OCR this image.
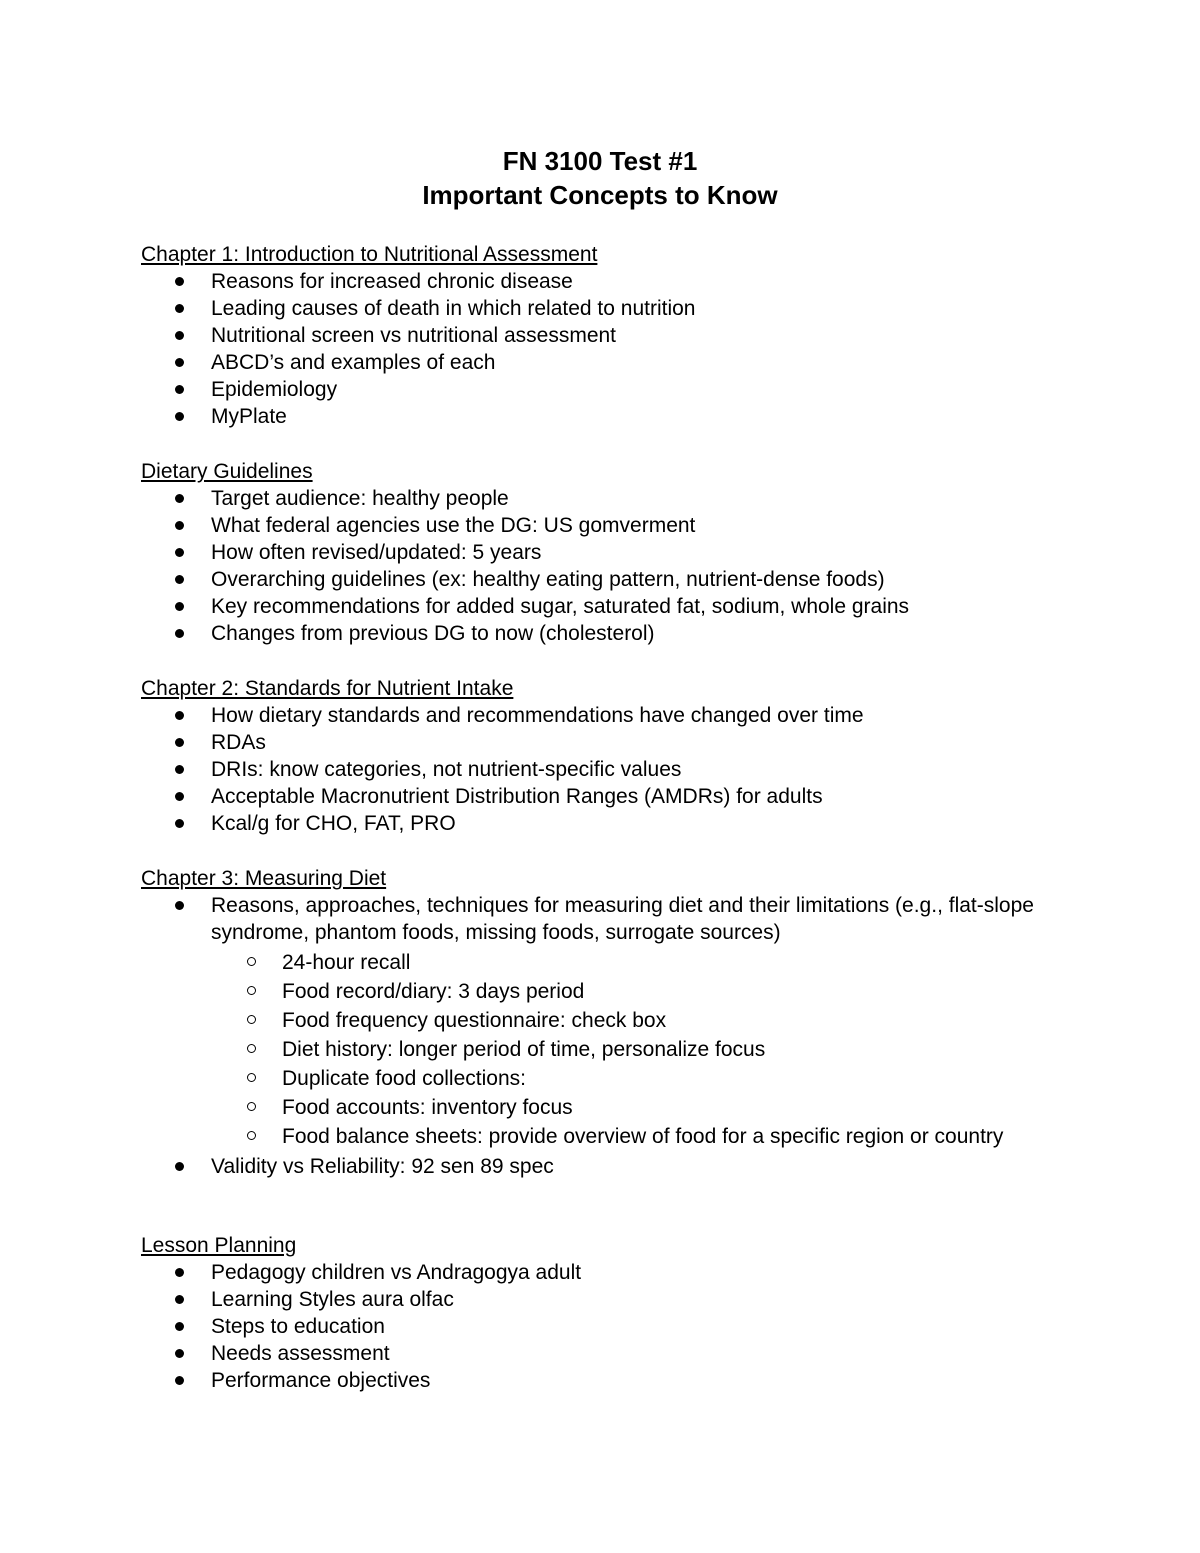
FN 3100 Test #1
Important Concepts to Know

Chapter 1: Introduction to Nutritional Assessment

Reasons for increased chronic disease
Leading causes of death in which related to nutrition
Nutritional screen vs nutritional assessment
ABCD’s and examples of each
Epidemiology
MyPlate

Dietary Guidelines

Target audience: healthy people
What federal agencies use the DG: US gomverment
How often revised/updated: 5 years
Overarching guidelines (ex: healthy eating pattern, nutrient-dense foods)
Key recommendations for added sugar, saturated fat, sodium, whole grains
Changes from previous DG to now (cholesterol)

Chapter 2: Standards for Nutrient Intake

How dietary standards and recommendations have changed over time
RDAs
DRIs: know categories, not nutrient-specific values
Acceptable Macronutrient Distribution Ranges (AMDRs) for adults
Kcal/g for CHO, FAT, PRO

Chapter 3: Measuring Diet

Reasons, approaches, techniques for measuring diet and their limitations (e.g., flat-slope syndrome, phantom foods, missing foods, surrogate sources)
24-hour recall
Food record/diary: 3 days period
Food frequency questionnaire: check box
Diet history: longer period of time, personalize focus
Duplicate food collections:
Food accounts: inventory focus
Food balance sheets: provide overview of food for a specific region or country
Validity vs Reliability: 92 sen 89 spec

Lesson Planning

Pedagogy children vs Andragogya adult
Learning Styles aura olfac
Steps to education
Needs assessment
Performance objectives
